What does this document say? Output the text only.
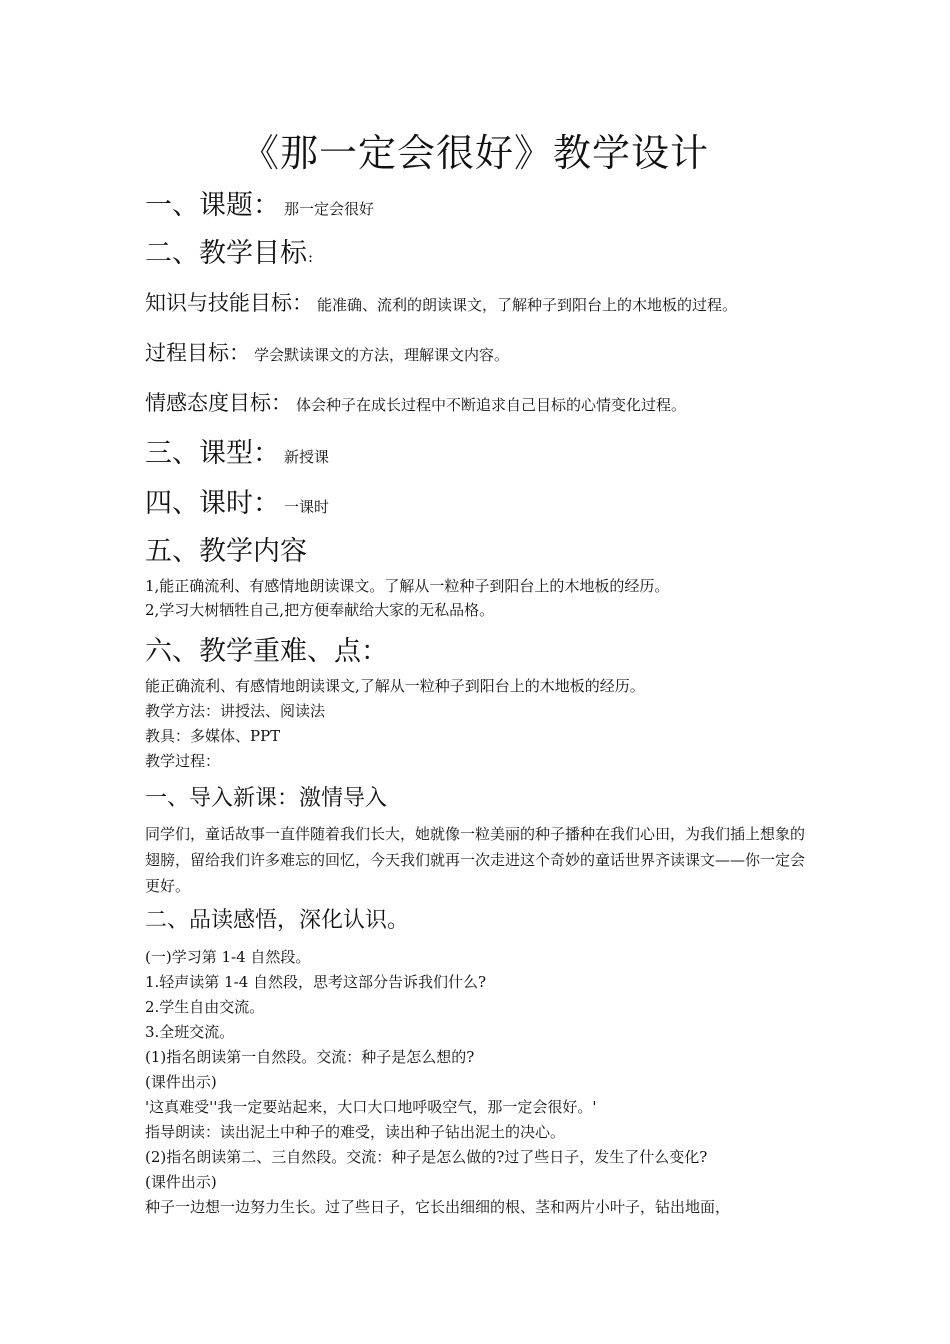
《那一定会很好》教学设计
一、课题： 那一定会很好
二、教学目标:
知识与技能目标： 能准确、流利的朗读课文，了解种子到阳台上的木地板的过程。
过程目标： 学会默读课文的方法，理解课文内容。
情感态度目标： 体会种子在成长过程中不断追求自己目标的心情变化过程。
三、课型： 新授课
四、课时： 一课时
五、教学内容
1,能正确流利、有感情地朗读课文。了解从一粒种子到阳台上的木地板的经历。
2,学习大树牺牲自己,把方便奉献给大家的无私品格。
六、教学重难、点：
能正确流利、有感情地朗读课文,了解从一粒种子到阳台上的木地板的经历。
教学方法：讲授法、阅读法
教具：多媒体、PPT
教学过程：
一、导入新课：激情导入
同学们，童话故事一直伴随着我们长大，她就像一粒美丽的种子播种在我们心田，为我们插上想象的翅膀，留给我们许多难忘的回忆，今天我们就再一次走进这个奇妙的童话世界齐读课文——你一定会更好。
二、品读感悟，深化认识。
(一)学习第 1-4 自然段。
1.轻声读第 1-4 自然段，思考这部分告诉我们什么?
2.学生自由交流。
3.全班交流。
(1)指名朗读第一自然段。交流：种子是怎么想的?
(课件出示)
'这真难受''我一定要站起来，大口大口地呼吸空气，那一定会很好。'
指导朗读：读出泥土中种子的难受，读出种子钻出泥土的决心。
(2)指名朗读第二、三自然段。交流：种子是怎么做的?过了些日子，发生了什么变化?
(课件出示)
种子一边想一边努力生长。过了些日子，它长出细细的根、茎和两片小叶子，钻出地面，
